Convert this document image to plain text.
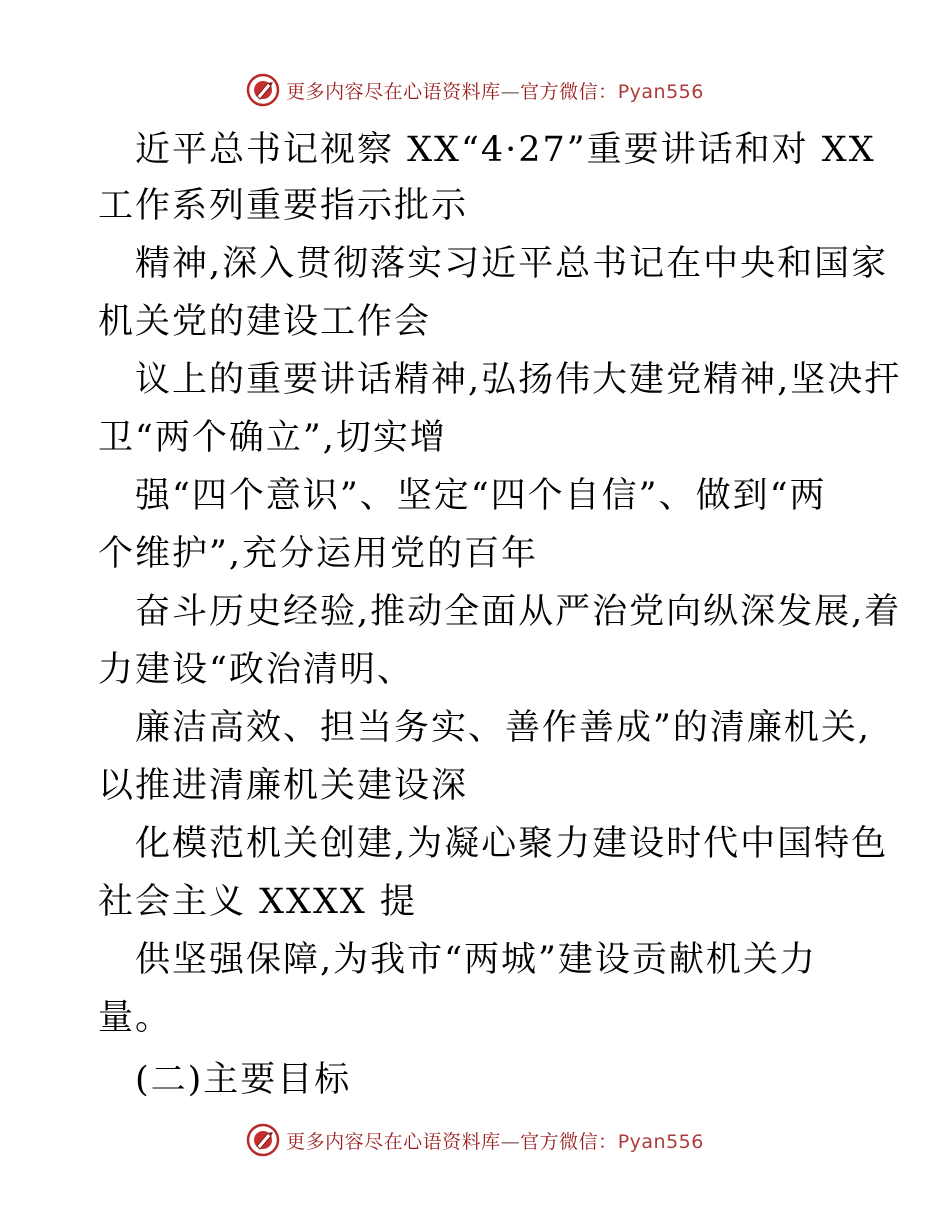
更多内容尽在心语资料库—官方微信：Pyan556
近平总书记视察 XX“4·27”重要讲话和对 XX
工作系列重要指示批示
精神,深入贯彻落实习近平总书记在中央和国家
机关党的建设工作会
议上的重要讲话精神,弘扬伟大建党精神,坚决扞
卫“两个确立”,切实增
强“四个意识”、坚定“四个自信”、做到“两
个维护”,充分运用党的百年
奋斗历史经验,推动全面从严治党向纵深发展,着
力建设“政治清明、
廉洁高效、担当务实、善作善成”的清廉机关,
以推进清廉机关建设深
化模范机关创建,为凝心聚力建设时代中国特色
社会主义 XXXX 提
供坚强保障,为我市“两城”建设贡献机关力
量。
(二)主要目标
更多内容尽在心语资料库—官方微信：Pyan556
